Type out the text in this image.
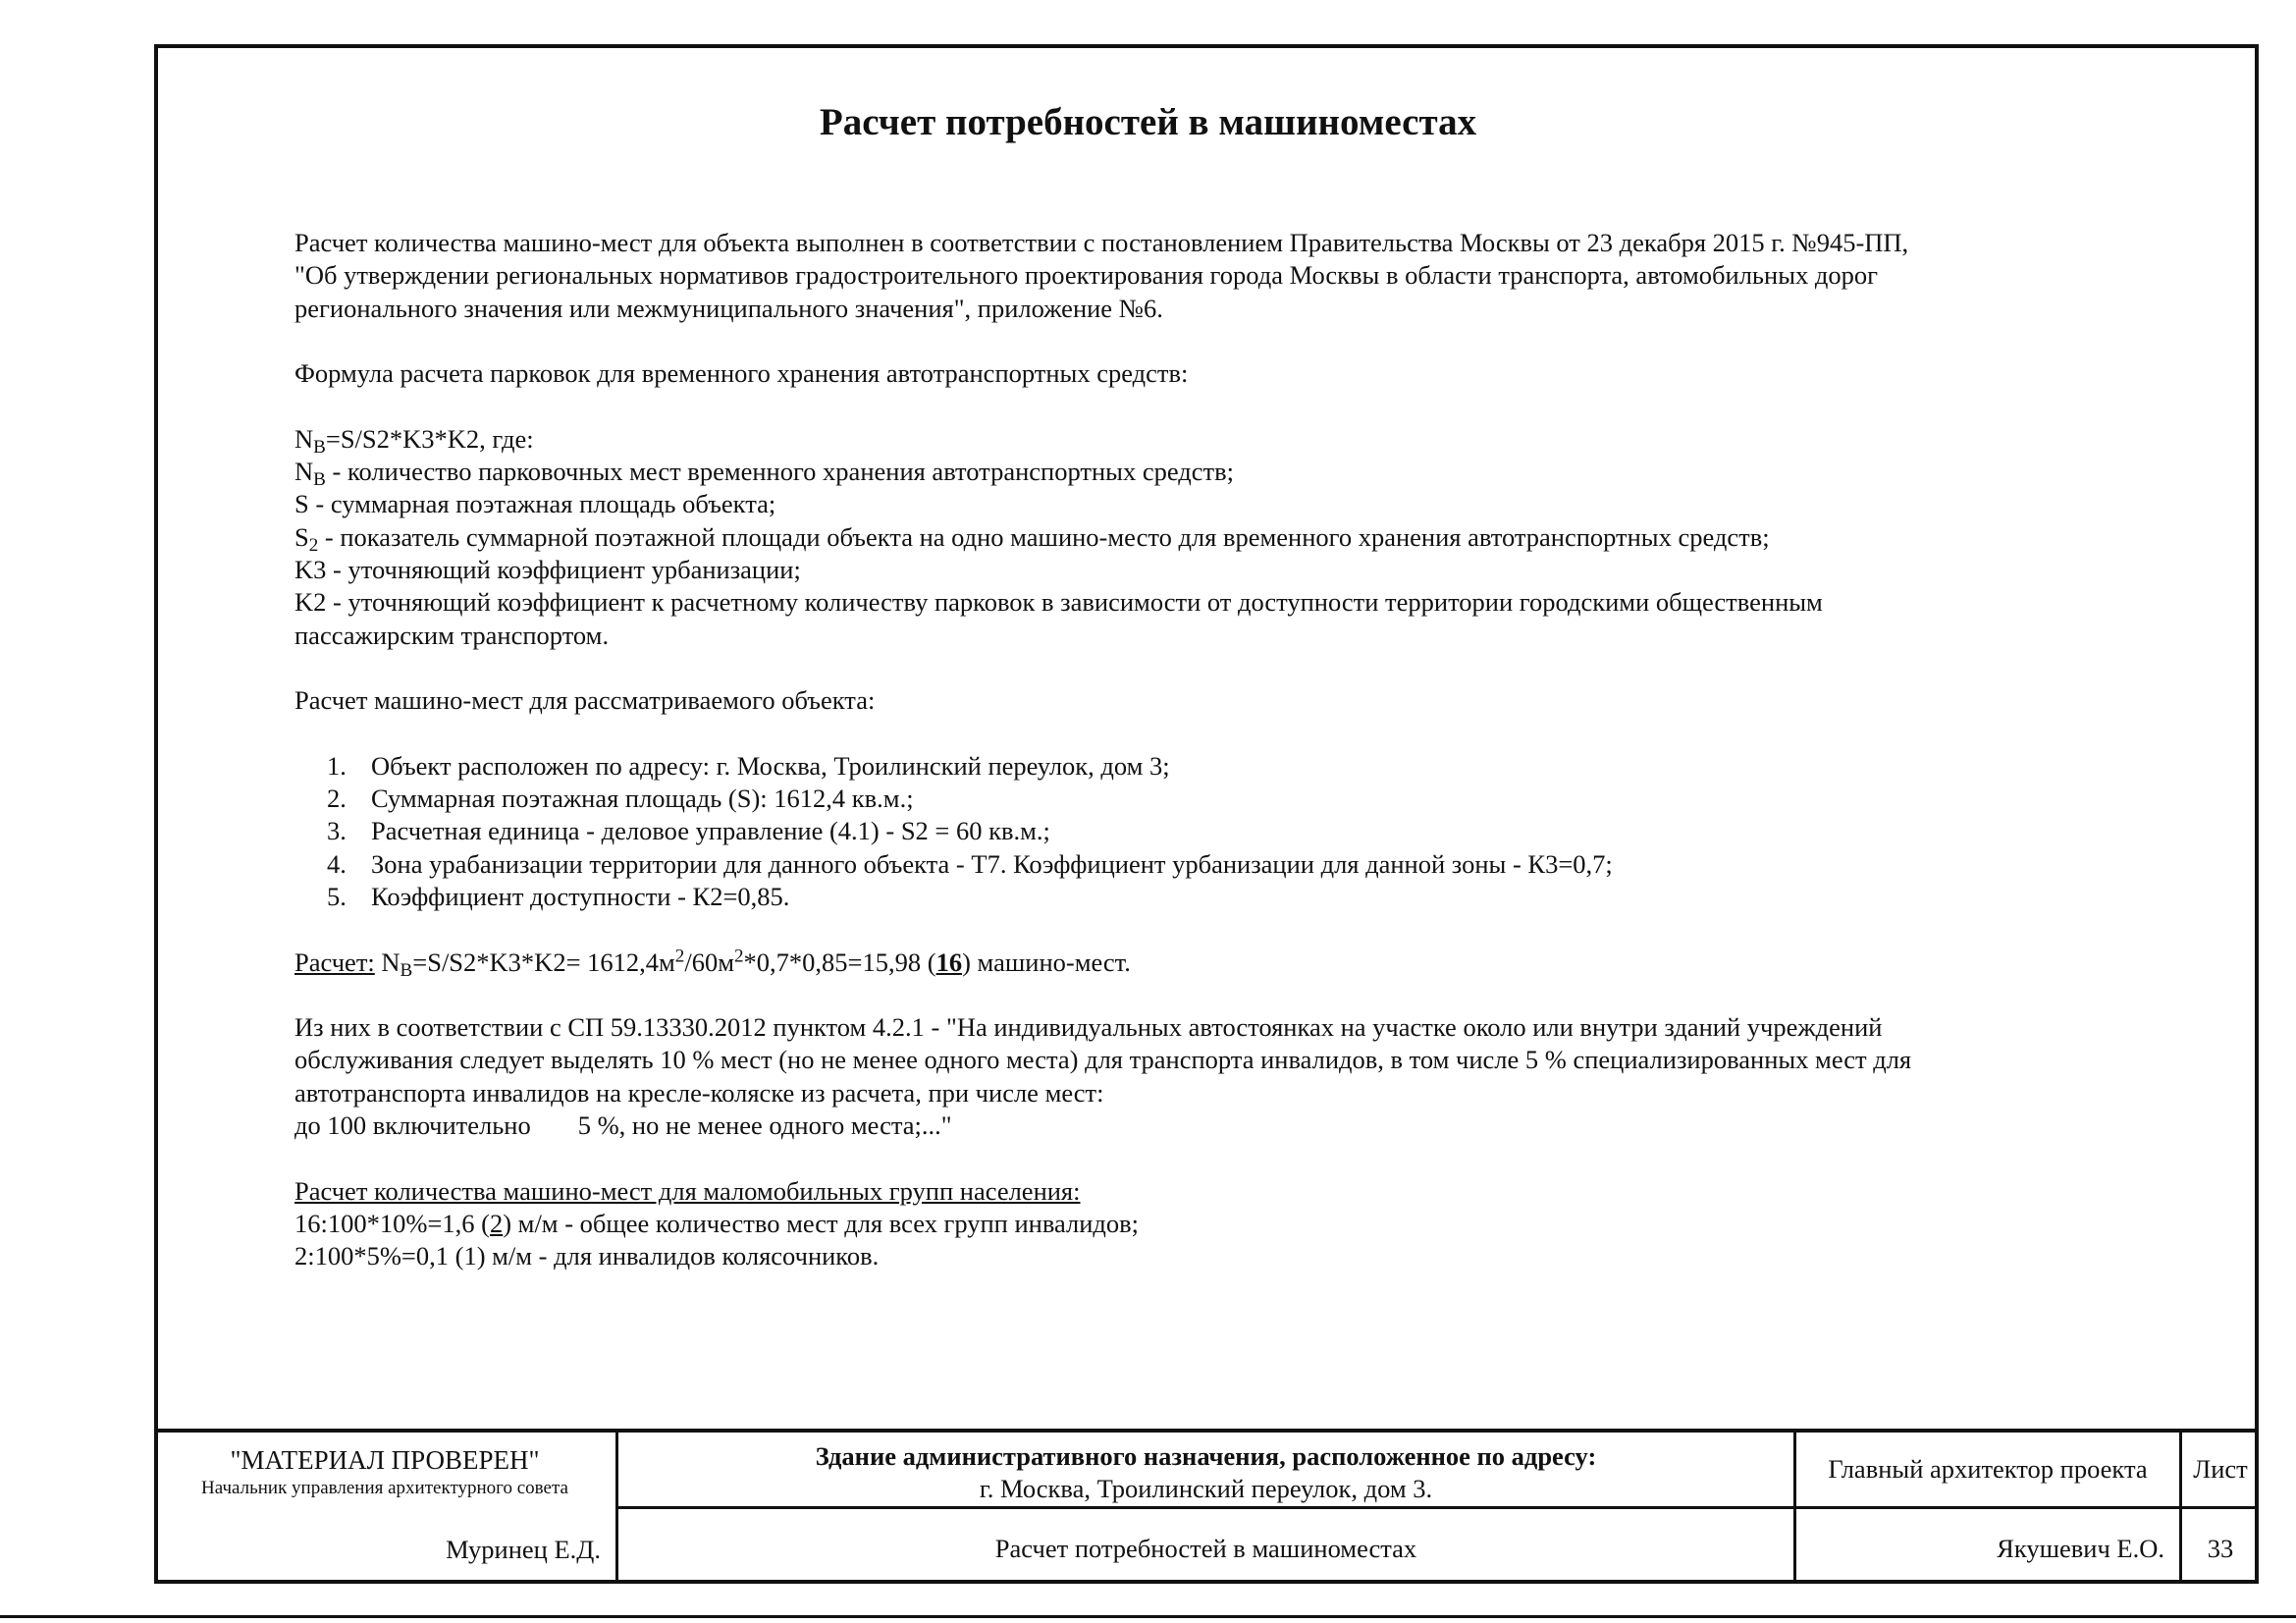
Расчет потребностей в машиноместах
Расчет количества машино-мест для объекта выполнен в соответствии с постановлением Правительства Москвы от 23 декабря 2015 г. №945-ПП,
"Об утверждении региональных нормативов градостроительного проектирования города Москвы в области транспорта, автомобильных дорог
регионального значения или межмуниципального значения", приложение №6.
Формула расчета парковок для временного хранения автотранспортных средств:
$N_B=S/S2*K3*K2$, где:
$N_B$ - количество парковочных мест временного хранения автотранспортных средств;
S - суммарная поэтажная площадь объекта;
$S_2$ - показатель суммарной поэтажной площади объекта на одно машино-место для временного хранения автотранспортных средств;
K3 - уточняющий коэффициент урбанизации;
K2 - уточняющий коэффициент к расчетному количеству парковок в зависимости от доступности территории городскими общественным
пассажирским транспортом.
Расчет машино-мест для рассматриваемого объекта:
1. Объект расположен по адресу: г. Москва, Троилинский переулок, дом 3;
2. Суммарная поэтажная площадь (S): 1612,4 кв.м.;
3. Расчетная единица - деловое управление (4.1) - S2 = 60 кв.м.;
4. Зона урабанизации территории для данного объекта - Т7. Коэффициент урбанизации для данной зоны - К3=0,7;
5. Коэффициент доступности - К2=0,85.
Расчет: $N_B=S/S2*K3*K2= 1612,4м^2/60м^2*0,7*0,85=15,98$ (16) машино-мест.
Из них в соответствии с СП 59.13330.2012 пунктом 4.2.1 - "На индивидуальных автостоянках на участке около или внутри зданий учреждений
обслуживания следует выделять 10 % мест (но не менее одного места) для транспорта инвалидов, в том числе 5 % специализированных мест для
автотранспорта инвалидов на кресле-коляске из расчета, при числе мест:
до 100 включительно 5 %, но не менее одного места;..."
Расчет количества машино-мест для маломобильных групп населения:
16:100*10%=1,6 (2) м/м - общее количество мест для всех групп инвалидов;
2:100*5%=0,1 (1) м/м - для инвалидов колясочников.
"МАТЕРИАЛ ПРОВЕРЕН"
Начальник управления архитектурного совета
Муринец Е.Д.
Здание административного назначения, расположенное по адресу:
г. Москва, Троилинский переулок, дом 3.
Расчет потребностей в машиноместах
Главный архитектор проекта
Якушевич Е.О.
Лист
33
